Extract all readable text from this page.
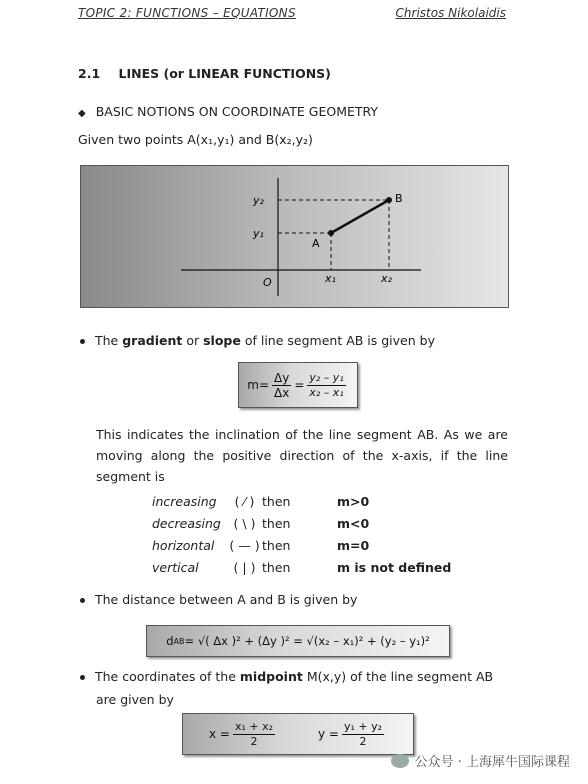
TOPIC 2: FUNCTIONS – EQUATIONS	Christos Nikolaidis
2.1 LINES (or LINEAR FUNCTIONS)
◆ BASIC NOTIONS ON COORDINATE GEOMETRY
Given two points A(x₁,y₁) and B(x₂,y₂)
y₂
y₁
x₁	x₂
O
A
B
The gradient or slope of line segment AB is given by
$m= \frac{\Delta y}{\Delta x} = \frac{\text{y₂ – y₁}}{\text{x₂ – x₁}}$
This indicates the inclination of the line segment AB. As we are moving along the positive direction of the x-axis, if the line segment is
increasing	( ⁄ ) then	m>0
decreasing	( \ ) then	m<0
horizontal	( — ) then	m=0
vertical	( | ) then	m is not defined
The distance between A and B is given by
d AB = √( Δx )² + (Δy )² = √(x₂ – x₁)² + (y₂ – y₁)²
The coordinates of the midpoint M(x,y) of the line segment AB
are given by
$x = \frac{\text{x₁ + x₂}}{2}$	$y = \frac{\text{y₁ + y₂}}{2}$
公众号 · 上海犀牛国际课程
